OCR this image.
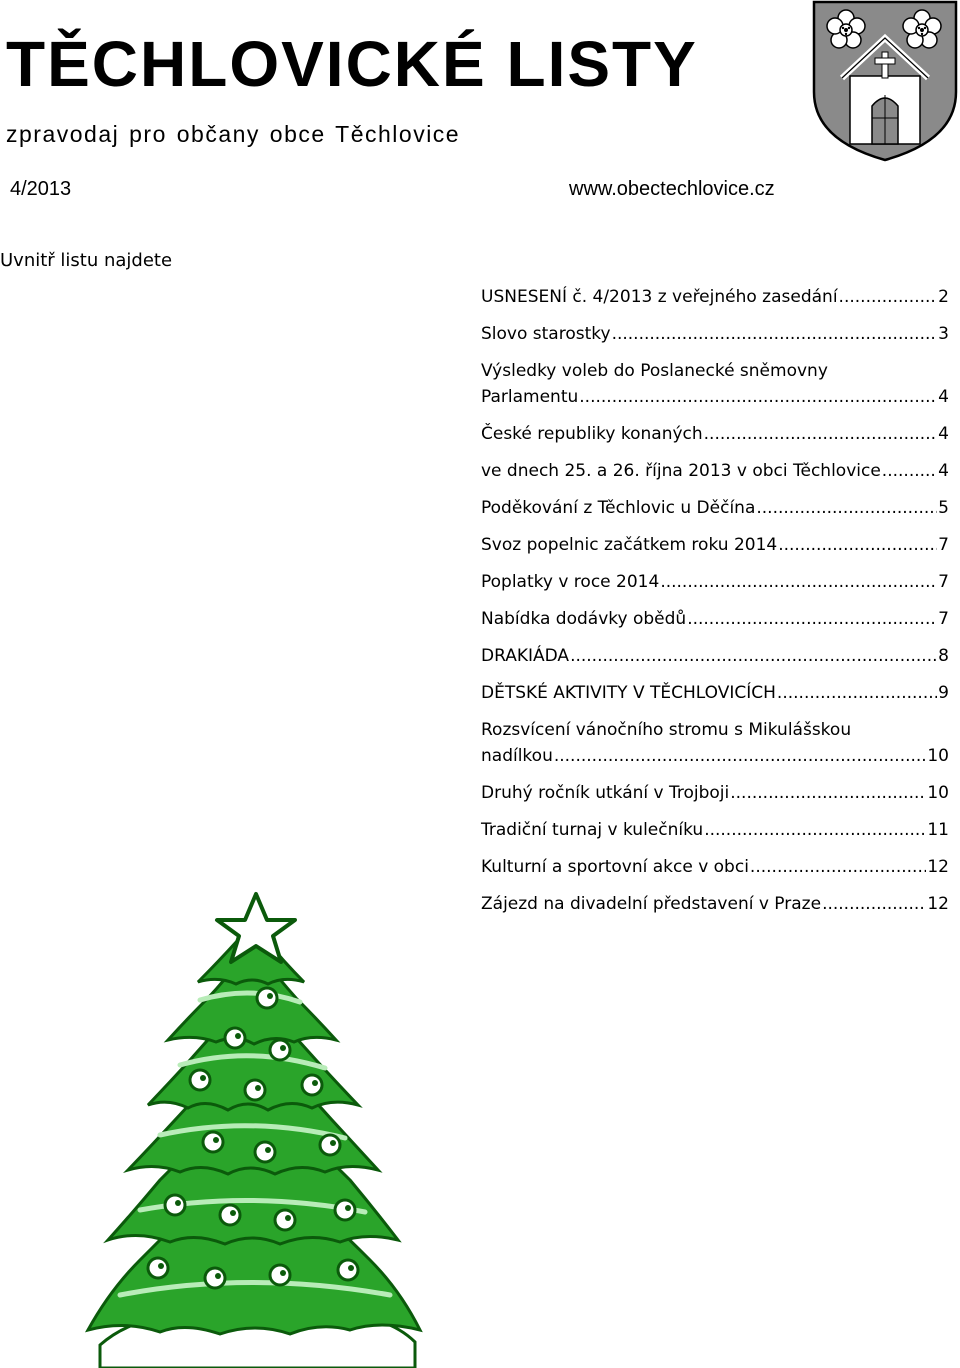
TĚCHLOVICKÉ LISTY
zpravodaj pro občany obce Těchlovice
4/2013	www.obectechlovice.cz
Uvnitř listu najdete
USNESENÍ č. 4/2013 z veřejného zasedání .....	2
Slovo starostky .....	3
Výsledky voleb do Poslanecké sněmovny
Parlamentu .....	4
České republiky konaných .....	4
ve dnech 25. a 26. října 2013 v obci Těchlovice .....	4
Poděkování z Těchlovic u Děčína .....	5
Svoz popelnic začátkem roku 2014 .....	7
Poplatky v roce 2014 .....	7
Nabídka dodávky obědů .....	7
DRAKIÁDA .....	8
DĚTSKÉ AKTIVITY V TĚCHLOVICÍCH .....	9
Rozsvícení vánočního stromu s Mikulášskou
nadílkou .....	10
Druhý ročník utkání v Trojboji .....	10
Tradiční turnaj v kulečníku .....	11
Kulturní a sportovní akce v obci .....	12
Zájezd na divadelní představení v Praze .....	12
